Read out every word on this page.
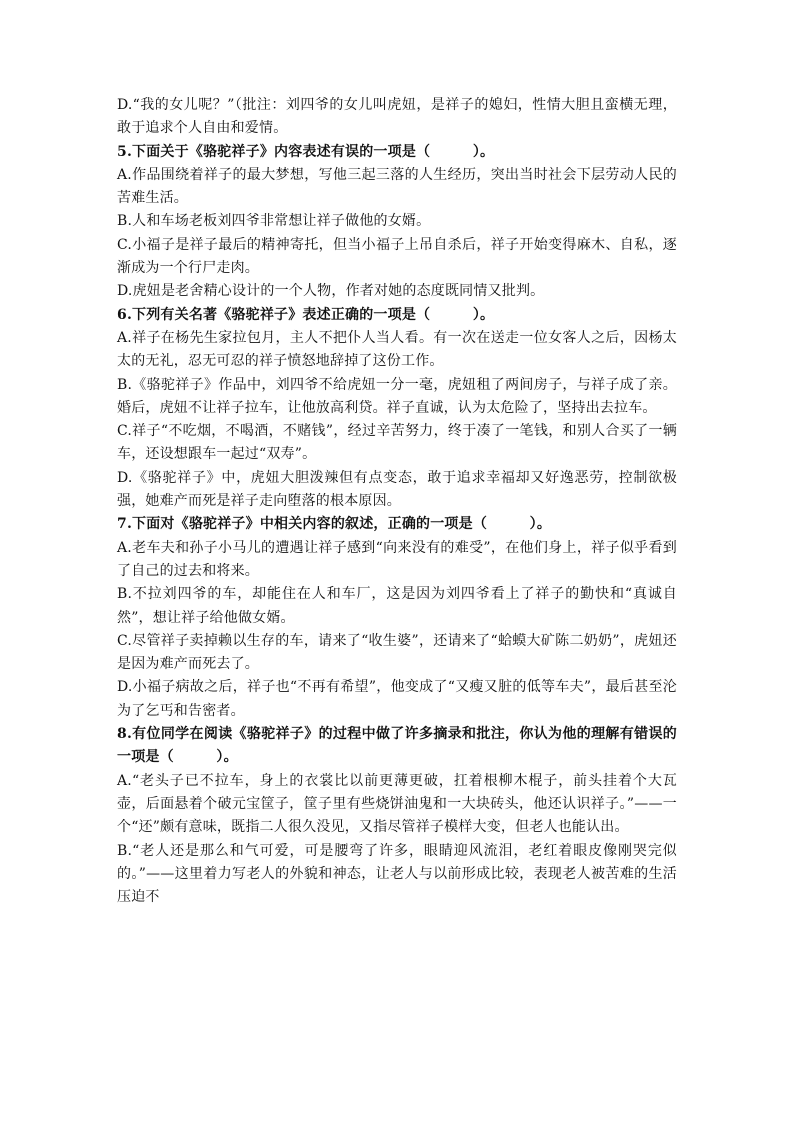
D.“我的女儿呢？”（批注：刘四爷的女儿叫虎妞，是祥子的媳妇，性情大胆且蛮横无理，敢于追求个人自由和爱情。

5.下面关于《骆驼祥子》内容表述有误的一项是（　　　）。

A.作品围绕着祥子的最大梦想，写他三起三落的人生经历，突出当时社会下层劳动人民的苦难生活。

B.人和车场老板刘四爷非常想让祥子做他的女婿。

C.小福子是祥子最后的精神寄托，但当小福子上吊自杀后，祥子开始变得麻木、自私，逐渐成为一个行尸走肉。

D.虎妞是老舍精心设计的一个人物，作者对她的态度既同情又批判。

6.下列有关名著《骆驼祥子》表述正确的一项是（　　　）。

A.祥子在杨先生家拉包月，主人不把仆人当人看。有一次在送走一位女客人之后，因杨太太的无礼，忍无可忍的祥子愤怒地辞掉了这份工作。

B.《骆驼祥子》作品中，刘四爷不给虎妞一分一毫，虎妞租了两间房子，与祥子成了亲。婚后，虎妞不让祥子拉车，让他放高利贷。祥子直诚，认为太危险了，坚持出去拉车。

C.祥子“不吃烟，不喝酒，不赌钱”，经过辛苦努力，终于凑了一笔钱，和别人合买了一辆车，还设想跟车一起过“双寿”。

D.《骆驼祥子》中，虎妞大胆泼辣但有点变态，敢于追求幸福却又好逸恶劳，控制欲极强，她难产而死是祥子走向堕落的根本原因。

7.下面对《骆驼祥子》中相关内容的叙述，正确的一项是（　　　）。

A.老车夫和孙子小马儿的遭遇让祥子感到“向来没有的难受”，在他们身上，祥子似乎看到了自己的过去和将来。

B.不拉刘四爷的车，却能住在人和车厂，这是因为刘四爷看上了祥子的勤快和“真诚自然”，想让祥子给他做女婿。

C.尽管祥子卖掉赖以生存的车，请来了“收生婆”，还请来了“蛤蟆大矿陈二奶奶”，虎妞还是因为难产而死去了。

D.小福子病故之后，祥子也“不再有希望”，他变成了“又瘦又脏的低等车夫”，最后甚至沦为了乞丐和告密者。

8.有位同学在阅读《骆驼祥子》的过程中做了许多摘录和批注，你认为他的理解有错误的一项是（　　　）。

A.“老头子已不拉车，身上的衣裳比以前更薄更破，扛着根柳木棍子，前头挂着个大瓦壶，后面悬着个破元宝筐子，筐子里有些烧饼油鬼和一大块砖头，他还认识祥子。”——一个“还”颇有意味，既指二人很久没见，又指尽管祥子模样大变，但老人也能认出。

B.“老人还是那么和气可爱，可是腰弯了许多，眼睛迎风流泪，老红着眼皮像刚哭完似的。”——这里着力写老人的外貌和神态，让老人与以前形成比较，表现老人被苦难的生活压迫不
